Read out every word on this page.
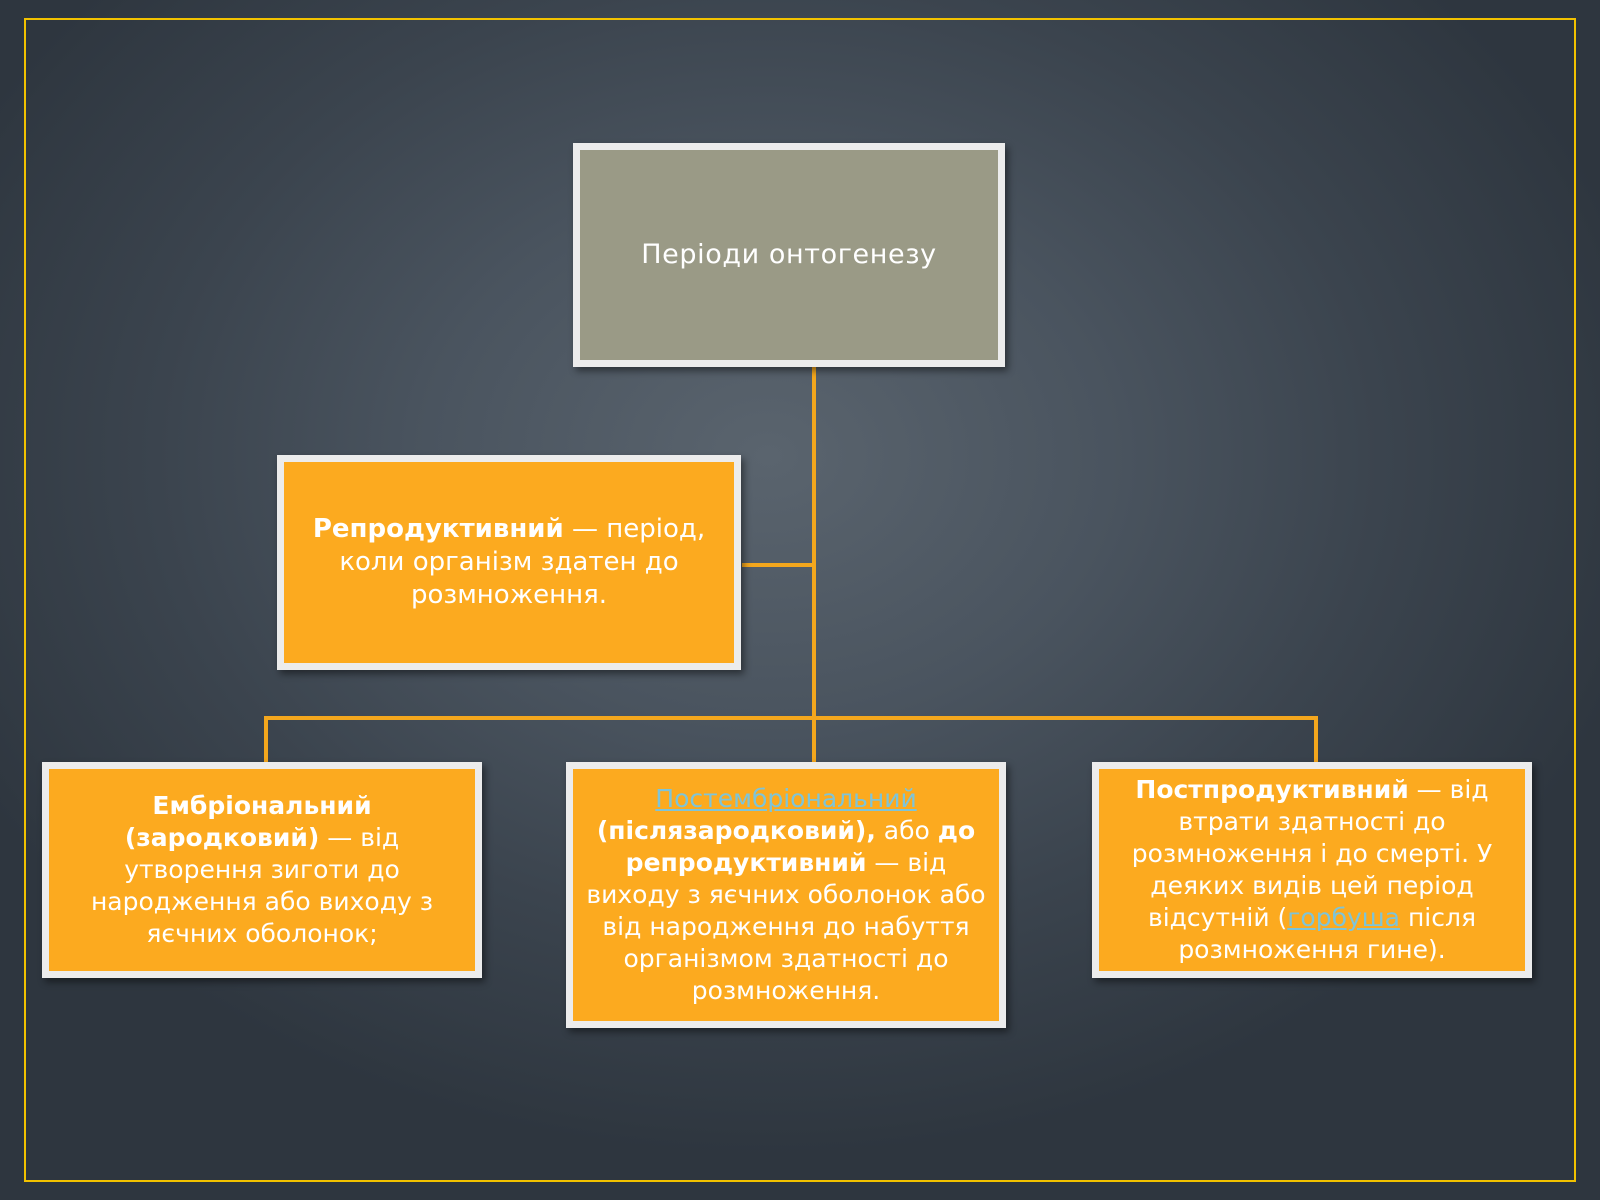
Періоди онтогенезу
Репродуктивний — період, коли організм здатен до розмноження.
Ембріональний (зародковий) — від утворення зиготи до народження або виходу з яєчних оболонок;
Постембріональний (післязародковий), або до репродуктивний — від виходу з яєчних оболонок або від народження до набуття організмом здатності до розмноження.
Постпродуктивний — від втрати здатності до розмноження і до смерті. У деяких видів цей період відсутній (горбуша після розмноження гине).
